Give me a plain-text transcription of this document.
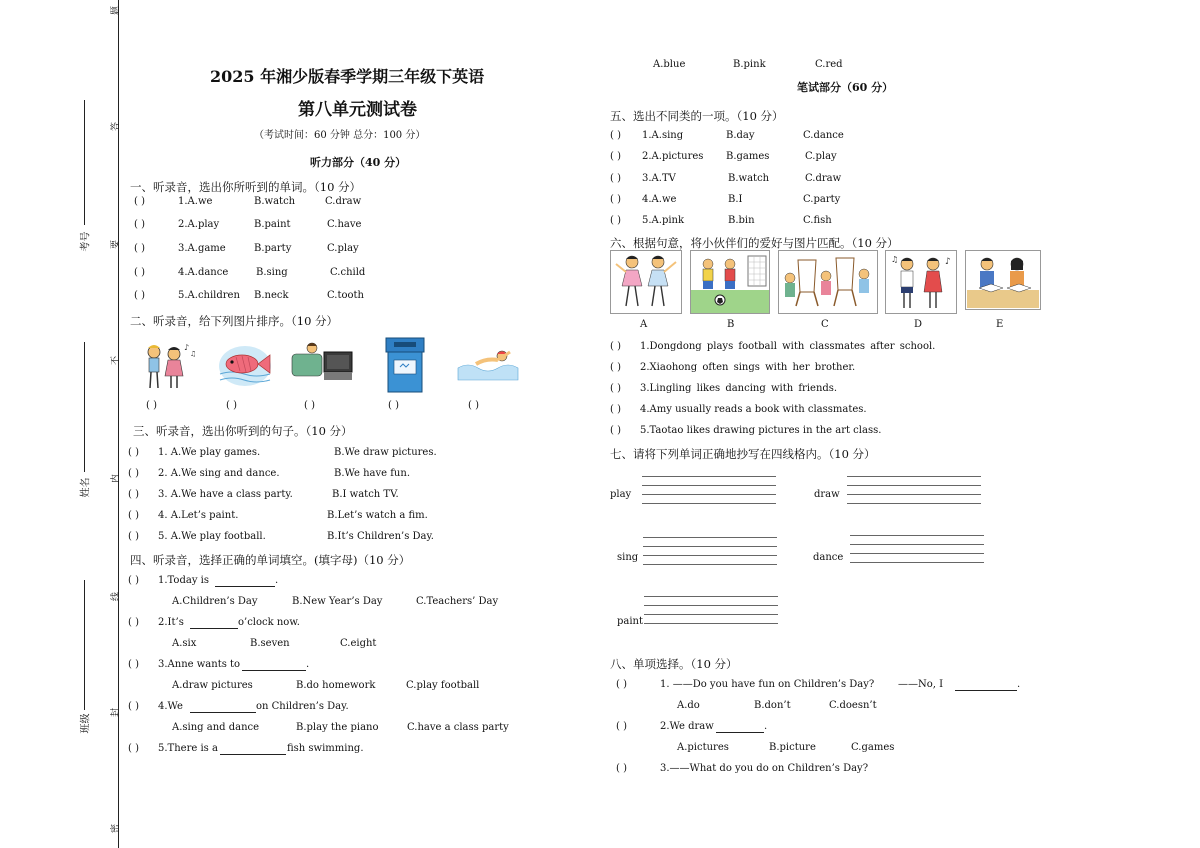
题
答
要
不
内
线
封
密
考号
姓名
班级
2025 年湘少版春季学期三年级下英语
第八单元测试卷
（考试时间：60 分钟 总分：100 分）
听力部分（40 分）
一、听录音，选出你所听到的单词。（10 分）
( )	1.A.we	B.watch	C.draw
( )	2.A.play	B.paint	C.have
( )	3.A.game	B.party	C.play
( )	4.A.dance	B.sing	C.child
( )	5.A.children B.neck	C.tooth
二、听录音，给下列图片排序。（10 分）
♪
♫
( )	( )	( )	( )	( )
三、听录音，选出你听到的句子。（10 分）
( ) 1. A.We play games.	B.We draw pictures.
( ) 2. A.We sing and dance.	B.We have fun.
( ) 3. A.We have a class party.	B.I watch TV.
( ) 4. A.Let’s paint.	B.Let’s watch a fim.
( ) 5. A.We play football.	B.It’s Children’s Day.
四、听录音，选择正确的单词填空。(填字母)（10 分）
( ) 1.Today is	.
A.Children’s Day	B.New Year’s Day	C.Teachers’ Day
( ) 2.It’s	o’clock now.
A.six	B.seven	C.eight
( ) 3.Anne wants to	.
A.draw pictures	B.do homework	C.play football
( ) 4.We	on Children’s Day.
A.sing and dance	B.play the piano	C.have a class party
( ) 5.There is a	fish swimming.
A.blue	B.pink	C.red
笔试部分（60 分）
五、选出不同类的一项。（10 分）
( ) 1.A.sing	B.day	C.dance
( ) 2.A.pictures B.games	C.play
( ) 3.A.TV	B.watch	C.draw
( ) 4.A.we	B.I	C.party
( ) 5.A.pink	B.bin	C.fish
六、根据句意，将小伙伴们的爱好与图片匹配。（10 分）
A	B	C
♪
♫
D	E
( ) 1.Dongdong plays football with classmates after school.
( ) 2.Xiaohong often sings with her brother.
( ) 3.Lingling likes dancing with friends.
( ) 4.Amy usually reads a book with classmates.
( ) 5.Taotao likes drawing pictures in the art class.
七、请将下列单词正确地抄写在四线格内。（10 分）
play	draw
sing	dance
paint
八、单项选择。（10 分）
( )	1. ——Do you have fun on Children’s Day? ——No, I	.
A.do	B.don’t	C.doesn’t
( )	2.We draw	.
A.pictures	B.picture	C.games
( )	3.——What do you do on Children’s Day?
